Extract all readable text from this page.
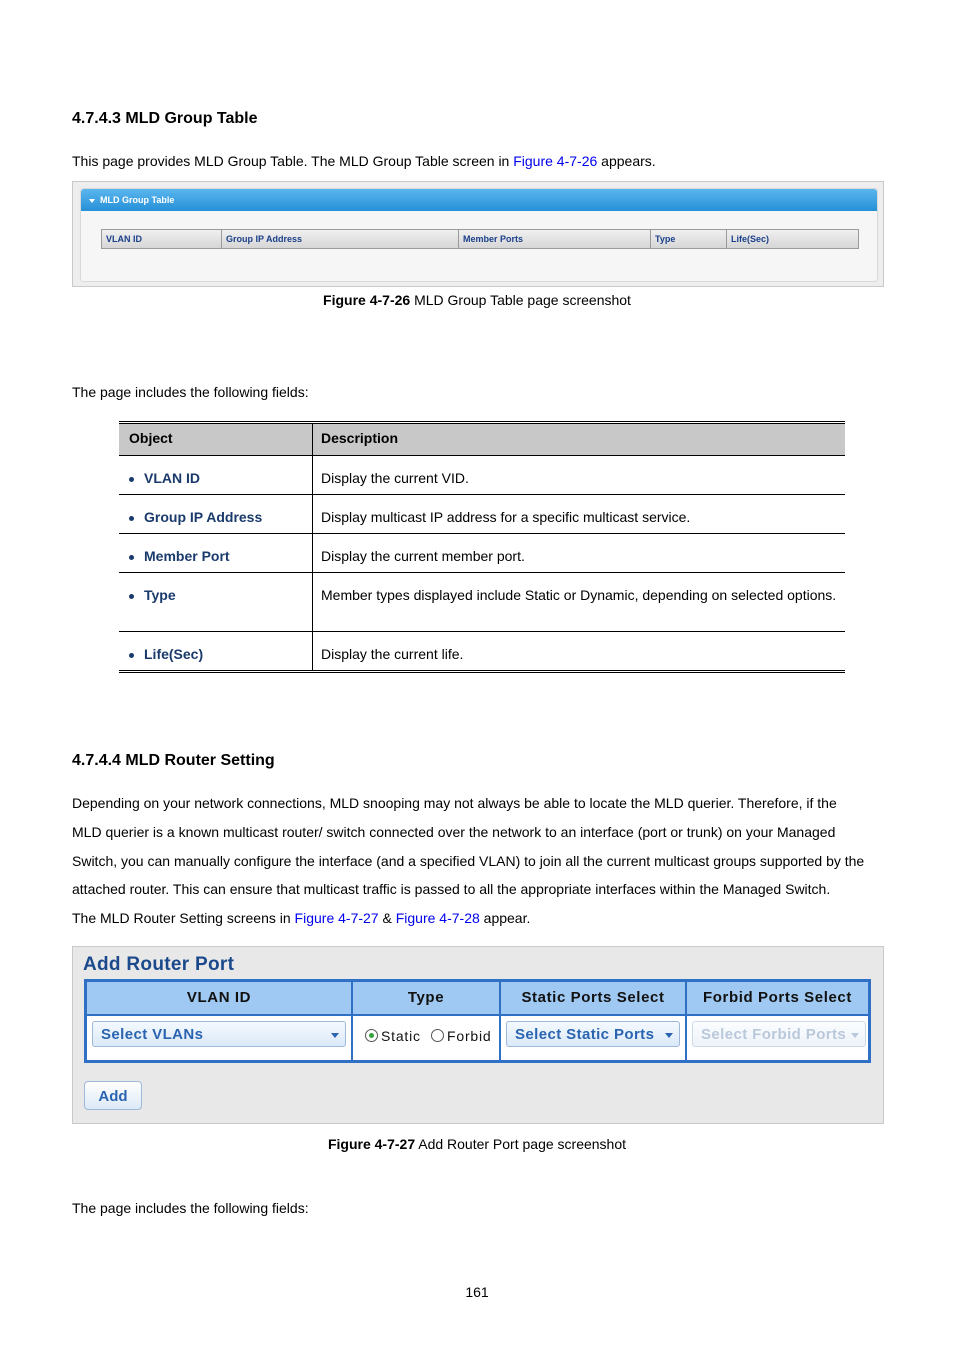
4.7.4.3 MLD Group Table
This page provides MLD Group Table. The MLD Group Table screen in Figure 4-7-26 appears.
MLD Group Table
VLAN ID	Group IP Address	Member Ports	Type	Life(Sec)
Figure 4-7-26 MLD Group Table page screenshot
The page includes the following fields:
Object	Description
VLAN ID	Display the current VID.
Group IP Address	Display multicast IP address for a specific multicast service.
Member Port	Display the current member port.
Type	Member types displayed include Static or Dynamic, depending on selected options.
Life(Sec)	Display the current life.
4.7.4.4 MLD Router Setting
Depending on your network connections, MLD snooping may not always be able to locate the MLD querier. Therefore, if the
MLD querier is a known multicast router/ switch connected over the network to an interface (port or trunk) on your Managed
Switch, you can manually configure the interface (and a specified VLAN) to join all the current multicast groups supported by the
attached router. This can ensure that multicast traffic is passed to all the appropriate interfaces within the Managed Switch.
The MLD Router Setting screens in Figure 4-7-27 & Figure 4-7-28 appear.
Add Router Port
VLAN ID	Type	Static Ports Select	Forbid Ports Select
Select VLANs	Static	Forbid	Select Static Ports	Select Forbid Ports
Add
Figure 4-7-27 Add Router Port page screenshot
The page includes the following fields:
161
